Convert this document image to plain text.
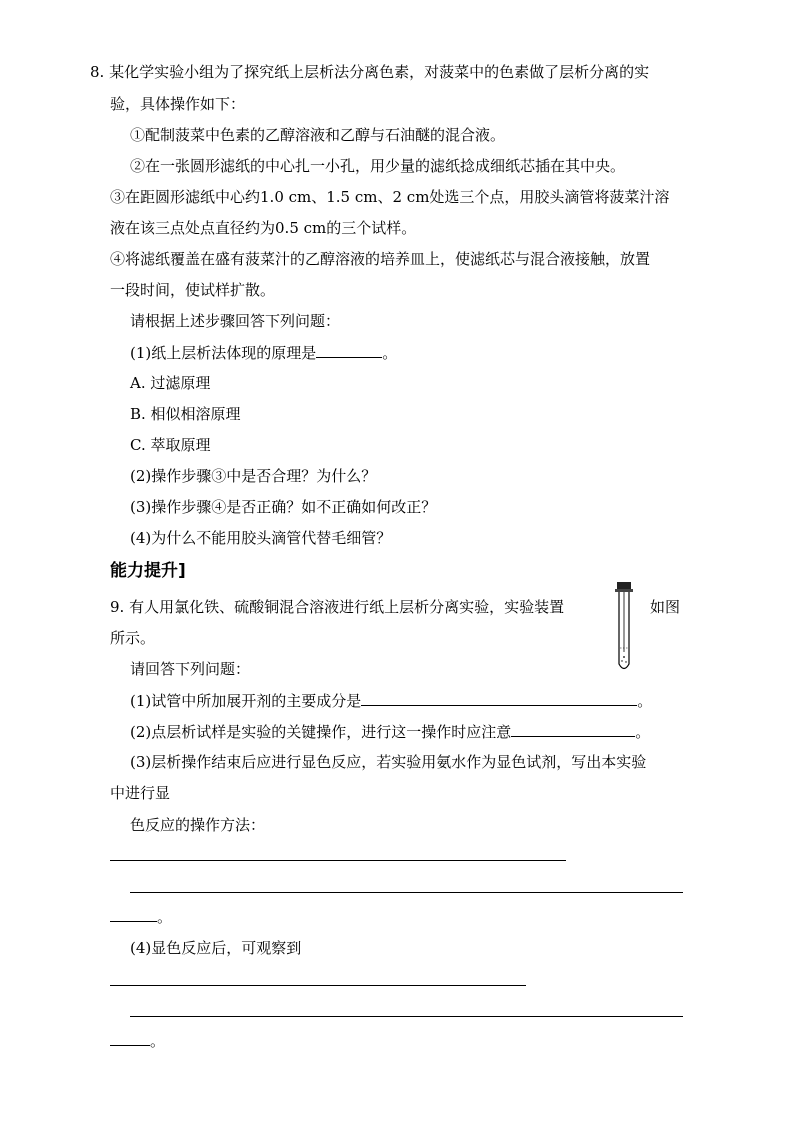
8. 某化学实验小组为了探究纸上层析法分离色素，对菠菜中的色素做了层析分离的实
验，具体操作如下：
①配制菠菜中色素的乙醇溶液和乙醇与石油醚的混合液。
②在一张圆形滤纸的中心扎一小孔，用少量的滤纸捻成细纸芯插在其中央。
③在距圆形滤纸中心约1.0 cm、1.5 cm、2 cm处选三个点，用胶头滴管将菠菜汁溶
液在该三点处点直径约为0.5 cm的三个试样。
④将滤纸覆盖在盛有菠菜汁的乙醇溶液的培养皿上，使滤纸芯与混合液接触，放置
一段时间，使试样扩散。
请根据上述步骤回答下列问题：
(1)纸上层析法体现的原理是	。
A. 过滤原理
B. 相似相溶原理
C. 萃取原理
(2)操作步骤③中是否合理？为什么？
(3)操作步骤④是否正确？如不正确如何改正？
(4)为什么不能用胶头滴管代替毛细管？
能力提升]
9. 有人用氯化铁、硫酸铜混合溶液进行纸上层析分离实验，实验装置	如图
所示。
请回答下列问题：
(1)试管中所加展开剂的主要成分是	。
(2)点层析试样是实验的关键操作，进行这一操作时应注意	。
(3)层析操作结束后应进行显色反应，若实验用氨水作为显色试剂，写出本实验
中进行显
色反应的操作方法：
。
(4)显色反应后，可观察到
。
